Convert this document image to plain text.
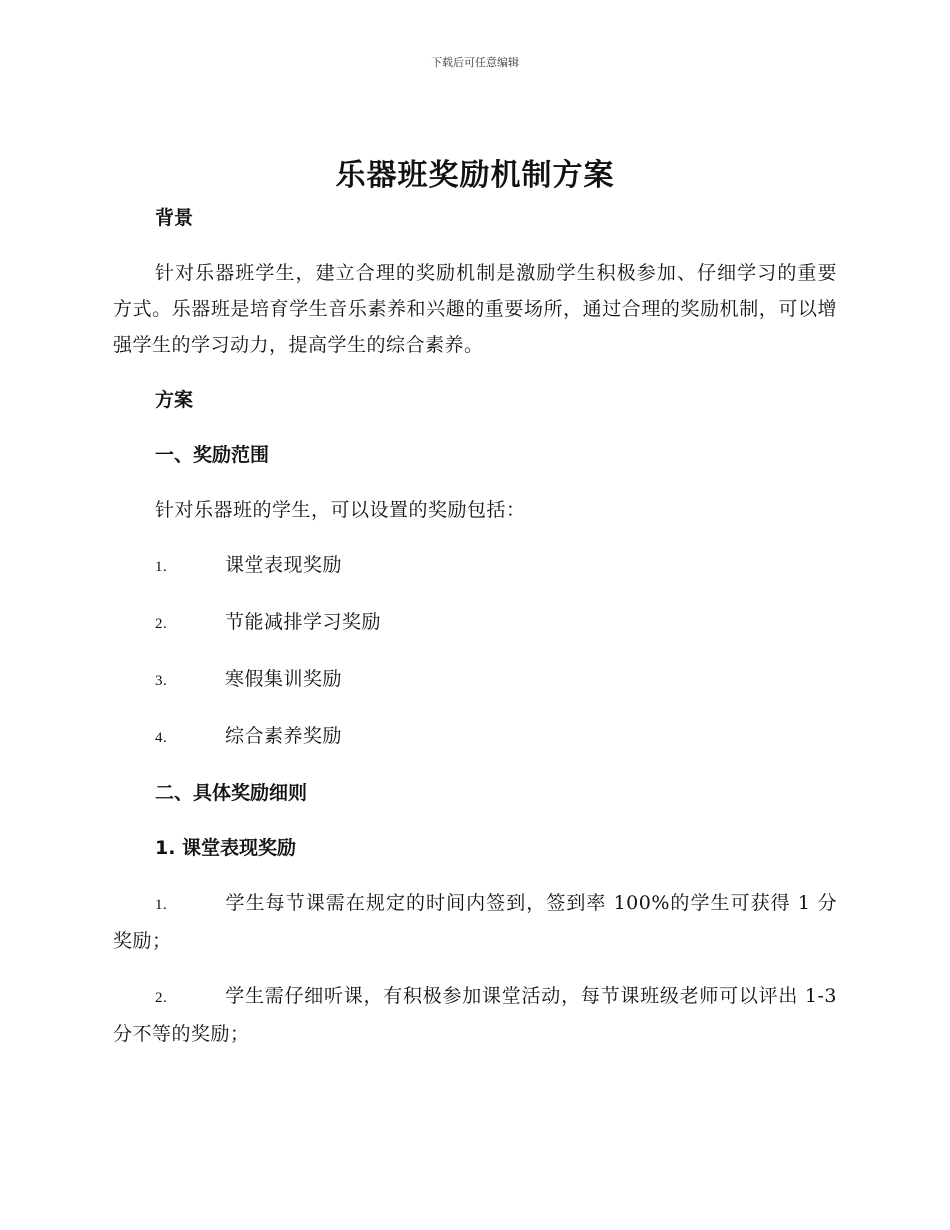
下载后可任意编辑
乐器班奖励机制方案

背景

针对乐器班学生，建立合理的奖励机制是激励学生积极参加、仔细学习的重要方式。乐器班是培育学生音乐素养和兴趣的重要场所，通过合理的奖励机制，可以增强学生的学习动力，提高学生的综合素养。

方案

一、奖励范围

针对乐器班的学生，可以设置的奖励包括：

1.	课堂表现奖励

2.	节能减排学习奖励

3.	寒假集训奖励

4.	综合素养奖励

二、具体奖励细则

1. 课堂表现奖励

1.	学生每节课需在规定的时间内签到，签到率 100%的学生可获得 1 分奖励；

2.	学生需仔细听课，有积极参加课堂活动，每节课班级老师可以评出 1-3 分不等的奖励；
